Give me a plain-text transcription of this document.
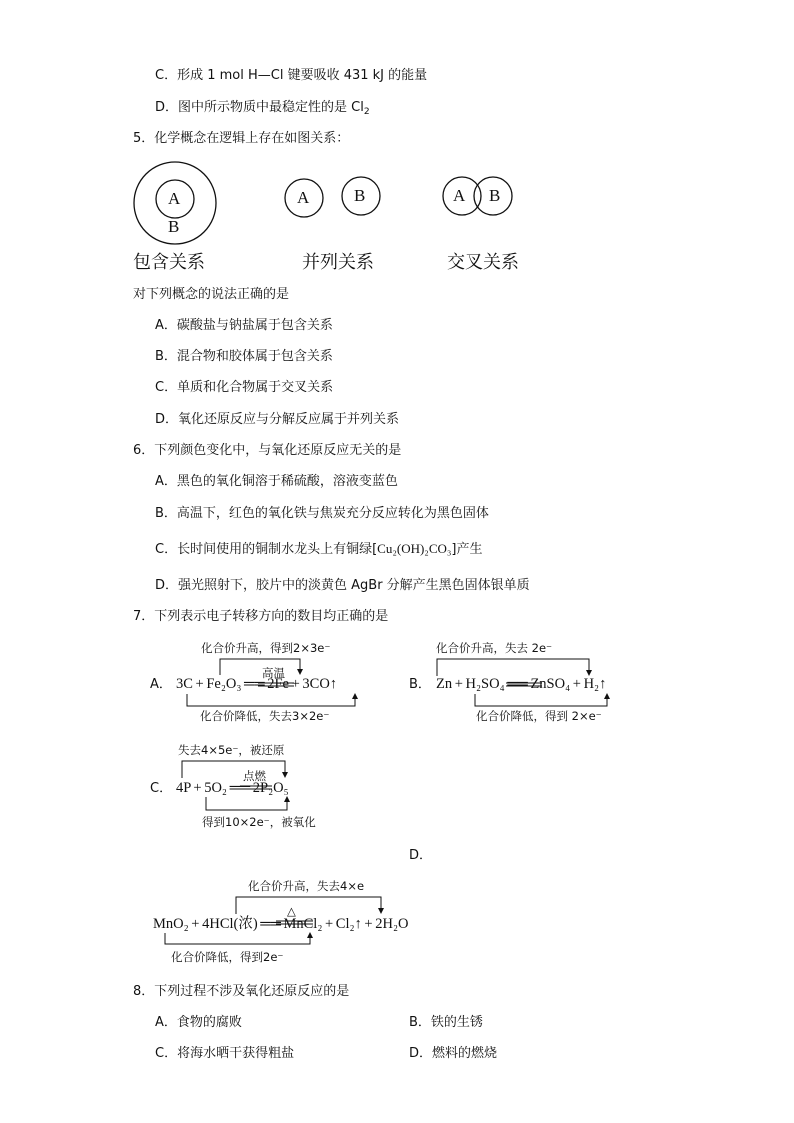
C．形成 1 mol H—Cl 键要吸收 431 kJ 的能量
D．图中所示物质中最稳定性的是 $Cl_2$
5．化学概念在逻辑上存在如图关系：
A
B
A	B	A B
包含关系	并列关系	交叉关系
对下列概念的说法正确的是
A．碳酸盐与钠盐属于包含关系
B．混合物和胶体属于包含关系
C．单质和化合物属于交叉关系
D．氧化还原反应与分解反应属于并列关系
6．下列颜色变化中，与氧化还原反应无关的是
A．黑色的氧化铜溶于稀硫酸，溶液变蓝色
B．高温下，红色的氧化铁与焦炭充分反应转化为黑色固体
C．长时间使用的铜制水龙头上有铜绿[Cu₂(OH)₂CO₃]产生
D．强光照射下，胶片中的淡黄色 AgBr 分解产生黑色固体银单质
7．下列表示电子转移方向的数目均正确的是
A．
化合价升高，得到2×3e⁻
高温
3C + Fe₂O₃ ══ 2Fe + 3CO↑
化合价降低，失去3×2e⁻
B．
化合价升高，失去 2e⁻
Zn + H₂SO₄ ══ ZnSO₄ + H₂↑
化合价降低，得到 2×e⁻
C．
失去4×5e⁻，被还原
点燃
4P + 5O₂ ══ 2P₂O₅
得到10×2e⁻，被氧化
D．
化合价升高，失去4×e
△
MnO₂ + 4HCl(浓) ══ MnCl₂ + Cl₂↑ + 2H₂O
化合价降低，得到2e⁻
8．下列过程不涉及氧化还原反应的是
A．食物的腐败	B．铁的生锈
C．将海水晒干获得粗盐	D．燃料的燃烧
